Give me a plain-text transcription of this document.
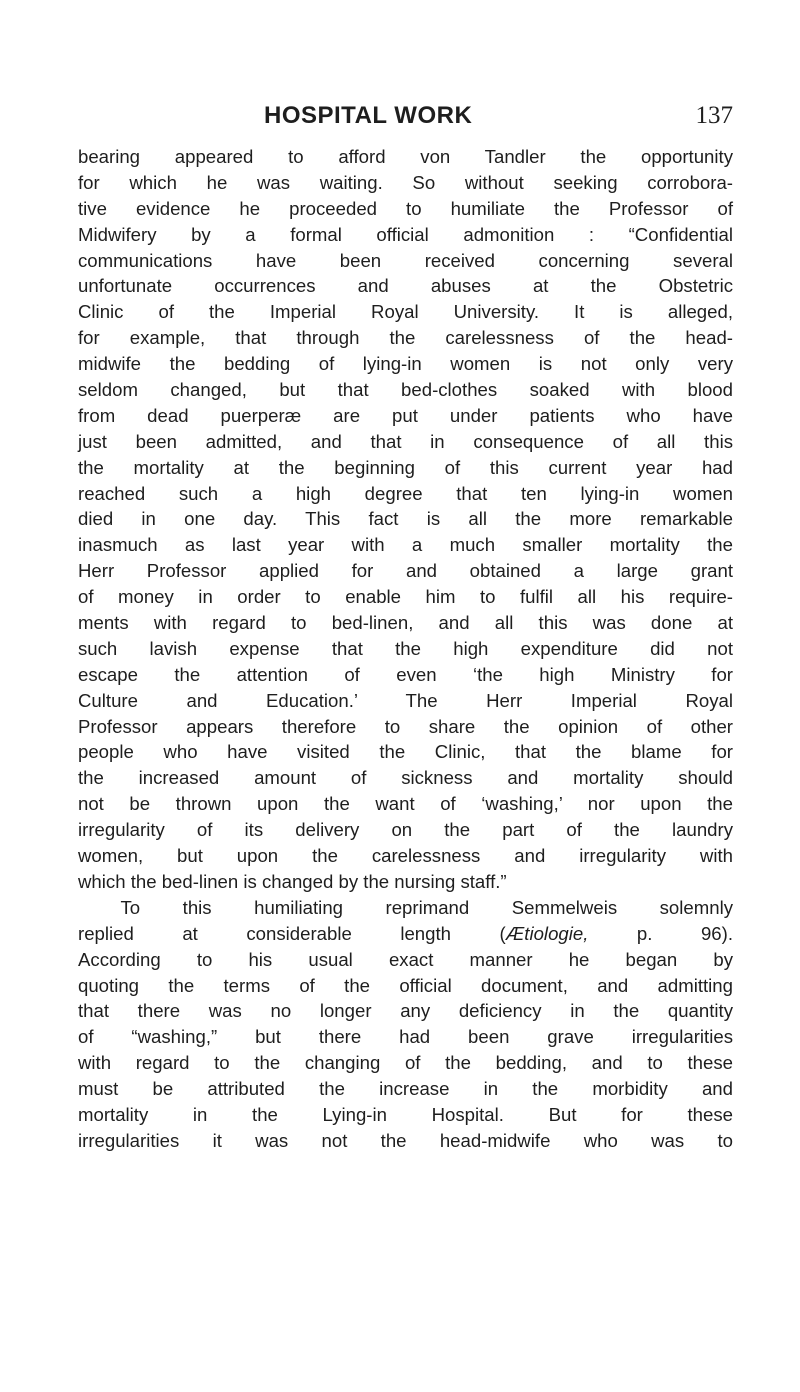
HOSPITAL WORK	137
bearing appeared to afford von Tandler the opportunity
for which he was waiting. So without seeking corrobora-
tive evidence he proceeded to humiliate the Professor of
Midwifery by a formal official admonition : “Confidential
communications have been received concerning several
unfortunate occurrences and abuses at the Obstetric
Clinic of the Imperial Royal University. It is alleged,
for example, that through the carelessness of the head-
midwife the bedding of lying-in women is not only very
seldom changed, but that bed-clothes soaked with blood
from dead puerperæ are put under patients who have
just been admitted, and that in consequence of all this
the mortality at the beginning of this current year had
reached such a high degree that ten lying-in women
died in one day. This fact is all the more remarkable
inasmuch as last year with a much smaller mortality the
Herr Professor applied for and obtained a large grant
of money in order to enable him to fulfil all his require-
ments with regard to bed-linen, and all this was done at
such lavish expense that the high expenditure did not
escape the attention of even ‘the high Ministry for
Culture and Education.’ The Herr Imperial Royal
Professor appears therefore to share the opinion of other
people who have visited the Clinic, that the blame for
the increased amount of sickness and mortality should
not be thrown upon the want of ‘washing,’ nor upon the
irregularity of its delivery on the part of the laundry
women, but upon the carelessness and irregularity with
which the bed-linen is changed by the nursing staff.”
To this humiliating reprimand Semmelweis solemnly
replied at considerable length (Ætiologie, p. 96).
According to his usual exact manner he began by
quoting the terms of the official document, and admitting
that there was no longer any deficiency in the quantity
of “washing,” but there had been grave irregularities
with regard to the changing of the bedding, and to these
must be attributed the increase in the morbidity and
mortality in the Lying-in Hospital. But for these
irregularities it was not the head-midwife who was to
